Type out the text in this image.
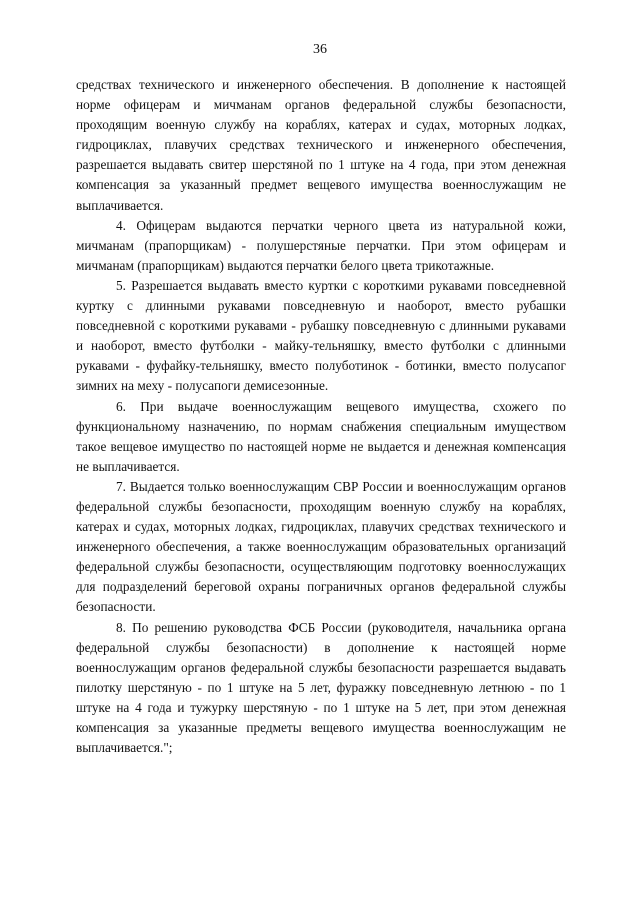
36

средствах технического и инженерного обеспечения. В дополнение к настоящей норме офицерам и мичманам органов федеральной службы безопасности, проходящим военную службу на кораблях, катерах и судах, моторных лодках, гидроциклах, плавучих средствах технического и инженерного обеспечения, разрешается выдавать свитер шерстяной по 1 штуке на 4 года, при этом денежная компенсация за указанный предмет вещевого имущества военнослужащим не выплачивается.

4. Офицерам выдаются перчатки черного цвета из натуральной кожи, мичманам (прапорщикам) - полушерстяные перчатки. При этом офицерам и мичманам (прапорщикам) выдаются перчатки белого цвета трикотажные.

5. Разрешается выдавать вместо куртки с короткими рукавами повседневной куртку с длинными рукавами повседневную и наоборот, вместо рубашки повседневной с короткими рукавами - рубашку повседневную с длинными рукавами и наоборот, вместо футболки - майку-тельняшку, вместо футболки с длинными рукавами - фуфайку-тельняшку, вместо полуботинок - ботинки, вместо полусапог зимних на меху - полусапоги демисезонные.

6. При выдаче военнослужащим вещевого имущества, схожего по функциональному назначению, по нормам снабжения специальным имуществом такое вещевое имущество по настоящей норме не выдается и денежная компенсация не выплачивается.

7. Выдается только военнослужащим СВР России и военнослужащим органов федеральной службы безопасности, проходящим военную службу на кораблях, катерах и судах, моторных лодках, гидроциклах, плавучих средствах технического и инженерного обеспечения, а также военнослужащим образовательных организаций федеральной службы безопасности, осуществляющим подготовку военнослужащих для подразделений береговой охраны пограничных органов федеральной службы безопасности.

8. По решению руководства ФСБ России (руководителя, начальника органа федеральной службы безопасности) в дополнение к настоящей норме военнослужащим органов федеральной службы безопасности разрешается выдавать пилотку шерстяную - по 1 штуке на 5 лет, фуражку повседневную летнюю - по 1 штуке на 4 года и тужурку шерстяную - по 1 штуке на 5 лет, при этом денежная компенсация за указанные предметы вещевого имущества военнослужащим не выплачивается.";
